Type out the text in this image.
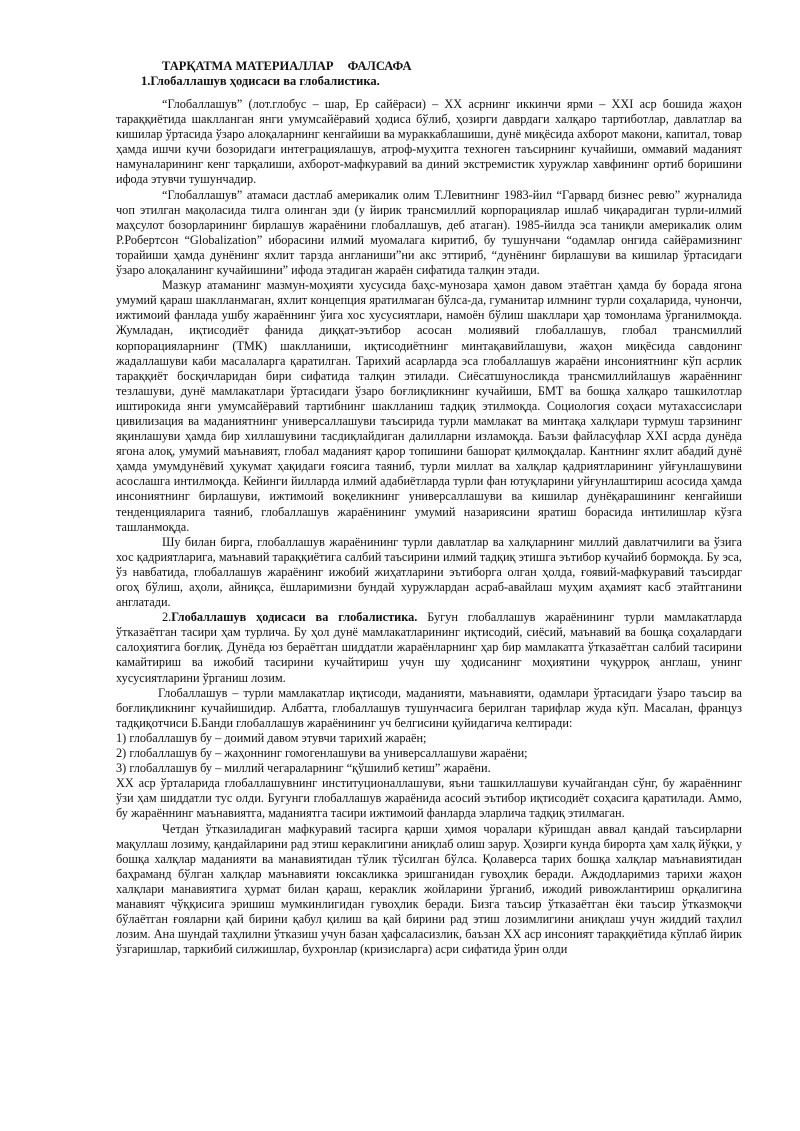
ТАРҚАТМА МАТЕРИАЛЛАР ФАЛСАФА
1.Глобаллашув ҳодисаси ва глобалистика.

“Глобаллашув” (лот.глобус – шар, Ер сайёраси) – ХХ асрнинг иккинчи ярми – ХХI аср бошида жаҳон тараққиётида шаклланган янги умумсайёравий ҳодиса бўлиб, ҳозирги даврдаги халқаро тартиботлар, давлатлар ва кишилар ўртасида ўзаро алоқаларнинг кенгайиши ва мураккаблашиши, дунё миқёсида ахборот макони, капитал, товар ҳамда ишчи кучи бозоридаги интеграциялашув, атроф-муҳитга техноген таъсирнинг кучайиши, оммавий маданият намуналарининг кенг тарқалиши, ахборот-мафкуравий ва диний экстремистик хуружлар хавфининг ортиб боришини ифода этувчи тушунчадир.

“Глобаллашув” атамаси дастлаб америкалик олим Т.Левитнинг 1983-йил “Гарвард бизнес ревю” журналида чоп этилган мақоласида тилга олинган эди (у йирик трансмиллий корпорациялар ишлаб чиқарадиган турли-илмий маҳсулот бозорларининг бирлашув жараёнини глобаллашув, деб атаган). 1985-йилда эса таниқли америкалик олим Р.Робертсон “Globalization” иборасини илмий муомалага киритиб, бу тушунчани “одамлар онгида сайёрамизнинг торайиши ҳамда дунёнинг яхлит тарзда англаниши”ни акс эттириб, “дунёнинг бирлашуви ва кишилар ўртасидаги ўзаро алоқаланинг кучайишини” ифода этадиган жараён сифатида талқин этади.

Мазкур атаманинг мазмун-моҳияти хусусида баҳс-мунозара ҳамон давом этаётган ҳамда бу борада ягона умумий қараш шаклланмаган, яхлит концепция яратилмаган бўлса-да, гуманитар илмнинг турли соҳаларида, чунончи, ижтимоий фанлада ушбу жараённинг ўига хос хусусиятлари, намоён бўлиш шакллари ҳар томонлама ўрганилмоқда. Жумладан, иқтисодиёт фанида диққат-эътибор асосан молиявий глобаллашув, глобал трансмиллий корпорацияларнинг (ТМК) шаклланиши, иқтисодиётнинг минтақавийлашуви, жаҳон миқёсида савдонинг жадаллашуви каби масалаларга қаратилган. Тарихий асарларда эса глобаллашув жараёни инсониятнинг кўп асрлик тараққиёт босқичларидан бири сифатида талқин этилади. Сиёсатшуносликда трансмиллийлашув жараённинг тезлашуви, дунё мамлакатлари ўртасидаги ўзаро боғлиқликнинг кучайиши, БМТ ва бошқа халқаро ташкилотлар иштирокида янги умумсайёравий тартибнинг шаклланиш тадқиқ этилмоқда. Социология соҳаси мутахассислари цивилизация ва маданиятнинг универсаллашуви таъсирида турли мамлакат ва минтақа халқлари турмуш тарзининг яқинлашуви ҳамда бир хиллашувини тасдиқлайдиган далилларни изламоқда. Баъзи файласуфлар ХХI асрда дунёда ягона алоқ, умумий маънавият, глобал маданият қарор топишини башорат қилмоқдалар. Кантнинг яхлит абадий дунё ҳамда умумдунёвий ҳукумат ҳақидаги ғоясига таяниб, турли миллат ва халқлар қадриятларининг уйғунлашувини асослашга интилмоқда. Кейинги йилларда илмий адабиётларда турли фан ютуқларини уйғунлаштириш асосида ҳамда инсониятнинг бирлашуви, ижтимоий воқеликнинг универсаллашуви ва кишилар дунёқарашининг кенгайиши тенденцияларига таяниб, глобаллашув жараёнининг умумий назариясини яратиш борасида интилишлар кўзга ташланмоқда.

Шу билан бирга, глобаллашув жараёнининг турли давлатлар ва халқларнинг миллий давлатчилиги ва ўзига хос қадриятларига, маънавий тараққиётига салбий таъсирини илмий тадқиқ этишга эътибор кучайиб бормоқда. Бу эса, ўз навбатида, глобаллашув жараёнинг ижобий жиҳатларини эътиборга олган ҳолда, ғоявий-мафкуравий таъсирдаг огоҳ бўлиш, аҳоли, айниқса, ёшларимизни бундай хуружлардан асраб-авайлаш муҳим аҳамият касб этайтганини англатади.

2.Глобаллашув ҳодисаси ва глобалистика. Бугун глобаллашув жараёнининг турли мамлакатларда ўтказаётган тасири ҳам турлича. Бу ҳол дунё мамлакатларининг иқтисодий, сиёсий, маънавий ва бошқа соҳалардаги салоҳиятига боғлиқ. Дунёда юз бераётган шиддатли жараёнларнинг ҳар бир мамлакатга ўтказаётган салбий тасирини камайтириш ва ижобий тасирини кучайтириш учун шу ҳодисанинг моҳиятини чуқурроқ англаш, унинг хусусиятларини ўрганиш лозим.

Глобаллашув – турли мамлакатлар иқтисоди, маданияти, маънавияти, одамлари ўртасидаги ўзаро таъсир ва боғлиқликнинг кучайишидир. Албатта, глобаллашув тушунчасига берилган тарифлар жуда кўп. Масалан, француз тадқиқотчиси Б.Банди глобаллашув жараёнининг уч белгисини қуйидагича келтиради:

1) глобаллашув бу – доимий давом этувчи тарихий жараён;

2) глобаллашув бу – жаҳоннинг гомогенлашуви ва универсаллашуви жараёни;

3) глобаллашув бу – миллий чегараларнинг “қўшилиб кетиш” жараёни.

ХХ аср ўрталарида глобаллашувнинг институционаллашуви, яъни ташкиллашуви кучайгандан сўнг, бу жараённинг ўзи ҳам шиддатли тус олди. Бугунги глобаллашув жараёнида асосий эътибор иқтисодиёт соҳасига қаратилади. Аммо, бу жараённинг маънавиятга, маданиятга тасири ижтимоий фанларда эларлича тадқиқ этилмаган.

Четдан ўтказиладиган мафкуравий тасирга қарши ҳимоя чоралари кўришдан аввал қандай таъсирларни мақуллаш лозиму, қандайларини рад этиш кераклигини аниқлаб олиш зарур. Ҳозирги кунда бирорта ҳам халқ йўқки, у бошқа халқлар маданияти ва манавиятидан тўлик тўсилган бўлса. Қолаверса тарих бошқа халқлар маънавиятидан баҳраманд бўлган халқлар маънавияти юксакликка эришганидан гувоҳлик беради. Аждодларимиз тарихи жаҳон халқлари манавиятига ҳурмат билан қараш, кераклик жойларини ўрганиб, ижодий ривожлантириш орқалигина манавият чўққисига эришиш мумкинлигидан гувоҳлик беради. Бизга таъсир ўтказаётган ёки таъсир ўтказмоқчи бўлаётган ғояларни қай бирини қабул қилиш ва қай бирини рад этиш лозимлигини аниқлаш учун жиддий таҳлил лозим. Ана шундай таҳлилни ўтказиш учун базан ҳафсаласизлик, баъзан ХХ аср инсоният тараққиётида кўплаб йирик ўзгаришлар, таркибий силжишлар, бухронлар (кризисларга) асри сифатида ўрин олди
